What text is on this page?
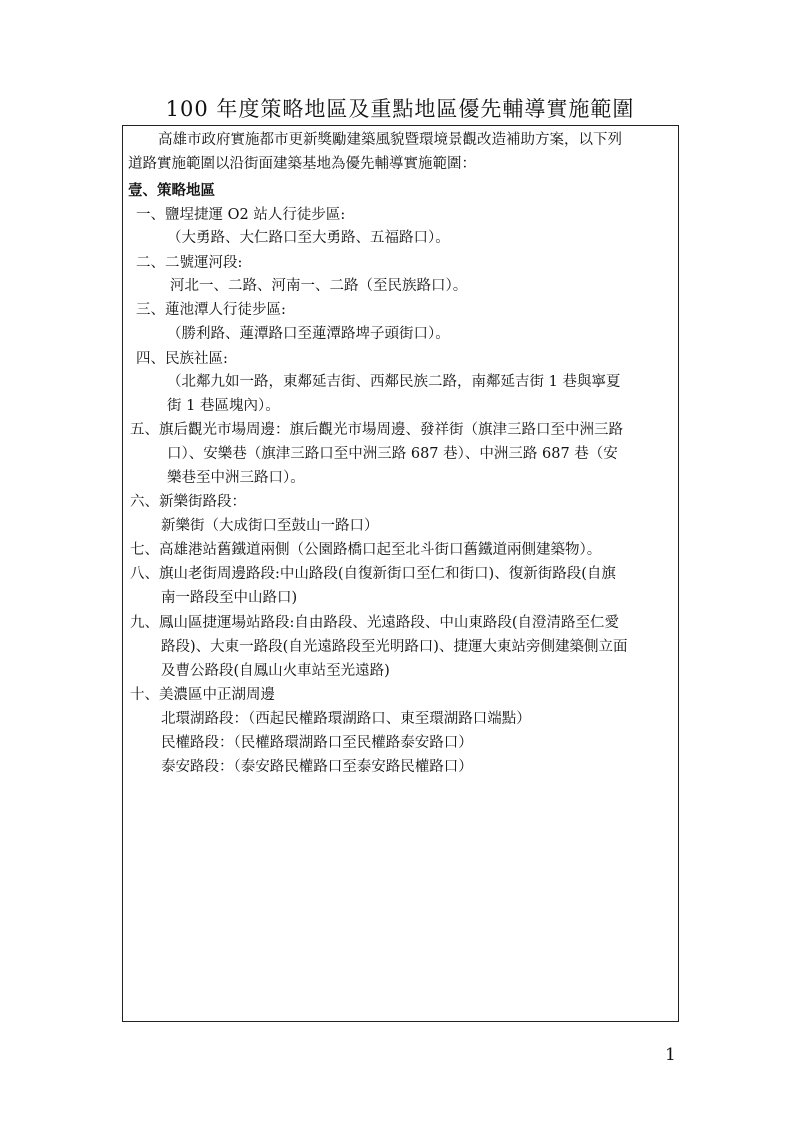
100 年度策略地區及重點地區優先輔導實施範圍
高雄市政府實施都市更新獎勵建築風貌暨環境景觀改造補助方案，以下列
道路實施範圍以沿街面建築基地為優先輔導實施範圍：
壹、策略地區
一、鹽埕捷運 O2 站人行徒步區:
（大勇路、大仁路口至大勇路、五福路口）。
二、二號運河段:
河北一、二路、河南一、二路（至民族路口）。
三、蓮池潭人行徒步區:
（勝利路、蓮潭路口至蓮潭路埤子頭街口）。
四、民族社區:
（北鄰九如一路，東鄰延吉街、西鄰民族二路，南鄰延吉街 1 巷與寧夏
街 1 巷區塊內）。
五、旗后觀光市場周邊：旗后觀光市場周邊、發祥街（旗津三路口至中洲三路
口）、安樂巷（旗津三路口至中洲三路 687 巷）、中洲三路 687 巷（安
樂巷至中洲三路口）。
六、新樂街路段：
新樂街（大成街口至鼓山一路口）
七、高雄港站舊鐵道兩側（公園路橋口起至北斗街口舊鐵道兩側建築物）。
八、旗山老街周邊路段:中山路段(自復新街口至仁和街口)、復新街路段(自旗
南一路段至中山路口)
九、鳳山區捷運場站路段:自由路段、光遠路段、中山東路段(自澄清路至仁愛
路段)、大東一路段(自光遠路段至光明路口)、捷運大東站旁側建築側立面
及曹公路段(自鳳山火車站至光遠路)
十、美濃區中正湖周邊
北環湖路段：（西起民權路環湖路口、東至環湖路口端點）
民權路段：（民權路環湖路口至民權路泰安路口）
泰安路段：（泰安路民權路口至泰安路民權路口）
1
